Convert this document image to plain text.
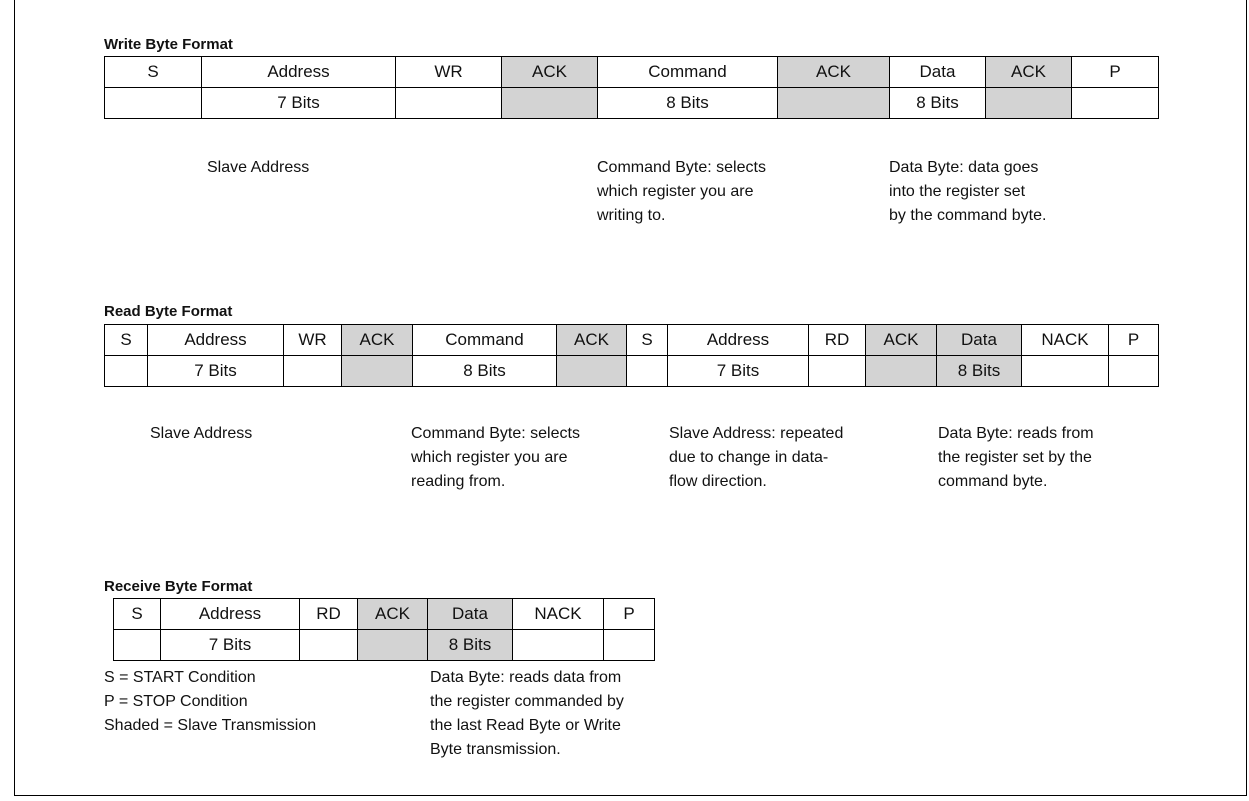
Write Byte Format
S	Address	WR	ACK	Command	ACK	Data	ACK	P
	7 Bits			8 Bits		8 Bits		
Slave Address	Command Byte: selects
which register you are
writing to.
Data Byte: data goes
into the register set
by the command byte.
Read Byte Format
S	Address	WR	ACK	Command	ACK	S	Address	RD	ACK	Data	NACK	P
	7 Bits			8 Bits			7 Bits			8 Bits		
Slave Address	Command Byte: selects
which register you are
reading from.
Slave Address: repeated
due to change in data-
flow direction.
Data Byte: reads from
the register set by the
command byte.
Receive Byte Format
S	Address	RD	ACK	Data	NACK	P
	7 Bits			8 Bits		
S = START Condition
P = STOP Condition
Shaded = Slave Transmission
Data Byte: reads data from
the register commanded by
the last Read Byte or Write
Byte transmission.
